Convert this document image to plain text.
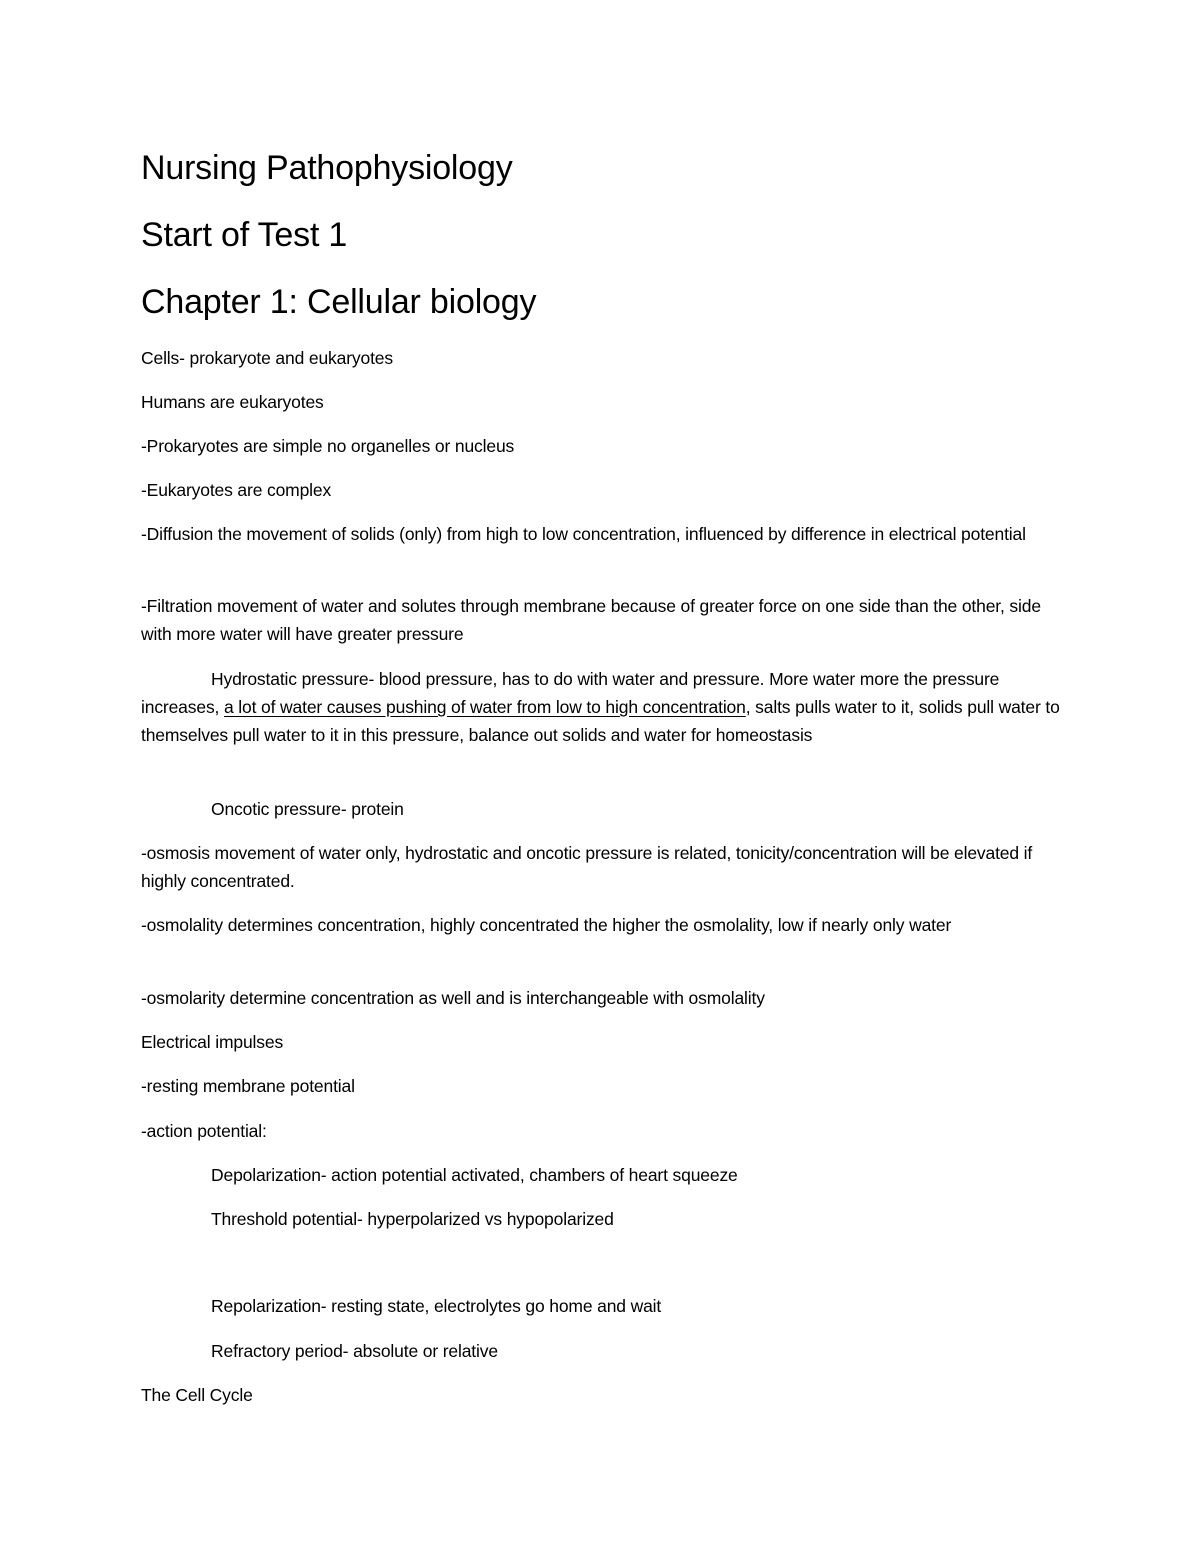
Nursing Pathophysiology
Start of Test 1
Chapter 1: Cellular biology
Cells- prokaryote and eukaryotes
Humans are eukaryotes
-Prokaryotes are simple no organelles or nucleus
-Eukaryotes are complex
-Diffusion the movement of solids (only) from high to low concentration, influenced by difference in electrical potential
-Filtration movement of water and solutes through membrane because of greater force on one side than the other, side with more water will have greater pressure
Hydrostatic pressure- blood pressure, has to do with water and pressure. More water more the pressure increases, a lot of water causes pushing of water from low to high concentration, salts pulls water to it, solids pull water to themselves pull water to it in this pressure, balance out solids and water for homeostasis
Oncotic pressure- protein
-osmosis movement of water only, hydrostatic and oncotic pressure is related, tonicity/concentration will be elevated if highly concentrated.
-osmolality determines concentration, highly concentrated the higher the osmolality, low if nearly only water
-osmolarity determine concentration as well and is interchangeable with osmolality
Electrical impulses
-resting membrane potential
-action potential:
Depolarization- action potential activated, chambers of heart squeeze
Threshold potential- hyperpolarized vs hypopolarized
Repolarization- resting state, electrolytes go home and wait
Refractory period- absolute or relative
The Cell Cycle
